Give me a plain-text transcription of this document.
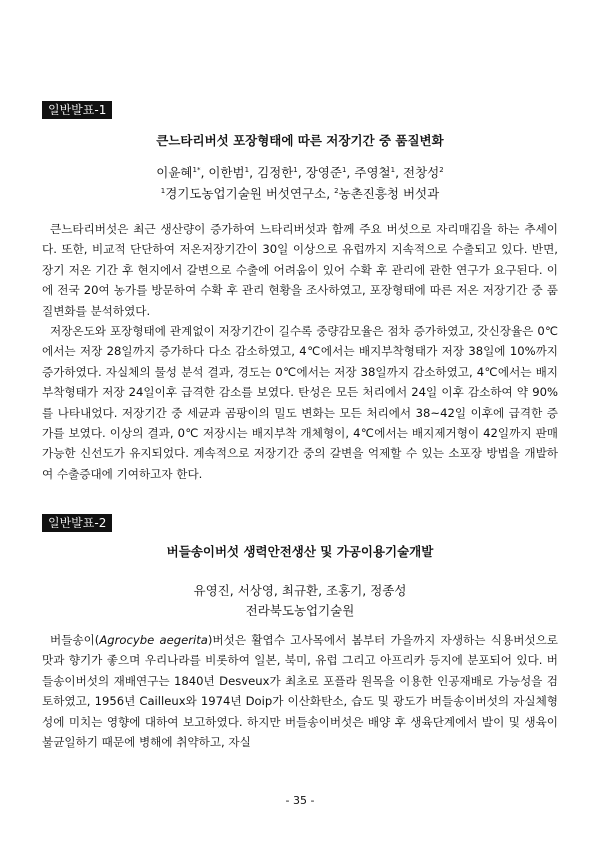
일반발표-1
큰느타리버섯 포장형태에 따른 저장기간 중 품질변화
이윤혜$^{1*}$, 이한범$^1$, 김정한$^1$, 장영준$^1$, 주영철$^1$, 전창성$^2$
$^1$경기도농업기술원 버섯연구소, $^2$농촌진흥청 버섯과

큰느타리버섯은 최근 생산량이 증가하여 느타리버섯과 함께 주요 버섯으로 자리매김을 하는 추세이다. 또한, 비교적 단단하여 저온저장기간이 30일 이상으로 유럽까지 지속적으로 수출되고 있다. 반면, 장기 저온 기간 후 현지에서 갈변으로 수출에 어려움이 있어 수확 후 관리에 관한 연구가 요구된다. 이에 전국 20여 농가를 방문하여 수확 후 관리 현황을 조사하였고, 포장형태에 따른 저온 저장기간 중 품질변화를 분석하였다.

저장온도와 포장형태에 관계없이 저장기간이 길수록 중량감모율은 점차 증가하였고, 갓신장율은 0℃에서는 저장 28일까지 증가하다 다소 감소하였고, 4℃에서는 배지부착형태가 저장 38일에 10%까지 증가하였다. 자실체의 물성 분석 결과, 경도는 0℃에서는 저장 38일까지 감소하였고, 4℃에서는 배지부착형태가 저장 24일이후 급격한 감소를 보였다. 탄성은 모든 처리에서 24일 이후 감소하여 약 90%를 나타내었다. 저장기간 중 세균과 곰팡이의 밀도 변화는 모든 처리에서 38~42일 이후에 급격한 증가를 보였다. 이상의 결과, 0℃ 저장시는 배지부착 개체형이, 4℃에서는 배지제거형이 42일까지 판매가능한 신선도가 유지되었다. 계속적으로 저장기간 중의 갈변을 억제할 수 있는 소포장 방법을 개발하여 수출증대에 기여하고자 한다.

일반발표-2
버들송이버섯 생력안전생산 및 가공이용기술개발
유영진, 서상영, 최규환, 조홍기, 정종성
전라북도농업기술원

버들송이(Agrocybe aegerita)버섯은 활엽수 고사목에서 봄부터 가을까지 자생하는 식용버섯으로 맛과 향기가 좋으며 우리나라를 비롯하여 일본, 북미, 유럽 그리고 아프리카 등지에 분포되어 있다. 버들송이버섯의 재배연구는 1840년 Desveux가 최초로 포플라 원목을 이용한 인공재배로 가능성을 검토하였고, 1956년 Cailleux와 1974년 Doip가 이산화탄소, 습도 및 광도가 버들송이버섯의 자실체형성에 미치는 영향에 대하여 보고하였다. 하지만 버들송이버섯은 배양 후 생육단계에서 발이 및 생육이 불균일하기 때문에 병해에 취약하고, 자실

- 35 -
